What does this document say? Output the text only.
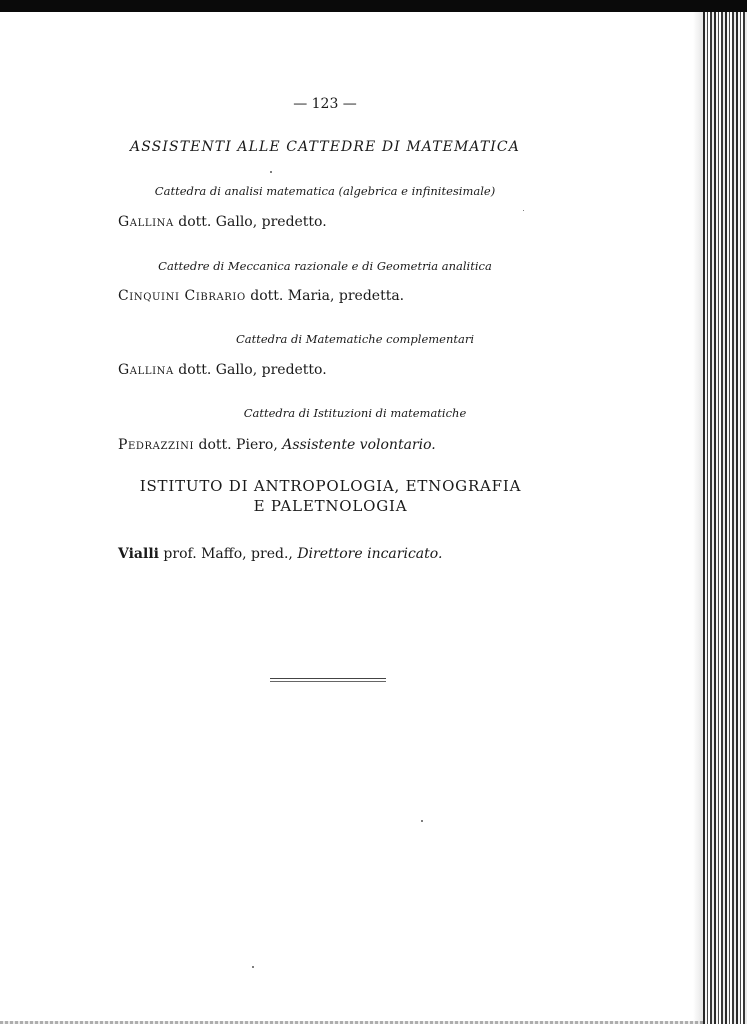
— 123 —
ASSISTENTI ALLE CATTEDRE DI MATEMATICA
Cattedra di analisi matematica (algebrica e infinitesimale)
Gallina dott. Gallo, predetto.
Cattedre di Meccanica razionale e di Geometria analitica
Cinquini Cibrario dott. Maria, predetta.
Cattedra di Matematiche complementari
Gallina dott. Gallo, predetto.
Cattedra di Istituzioni di matematiche
Pedrazzini dott. Piero, Assistente volontario.
ISTITUTO DI ANTROPOLOGIA, ETNOGRAFIA
E PALETNOLOGIA
Vialli prof. Maffo, pred., Direttore incaricato.
